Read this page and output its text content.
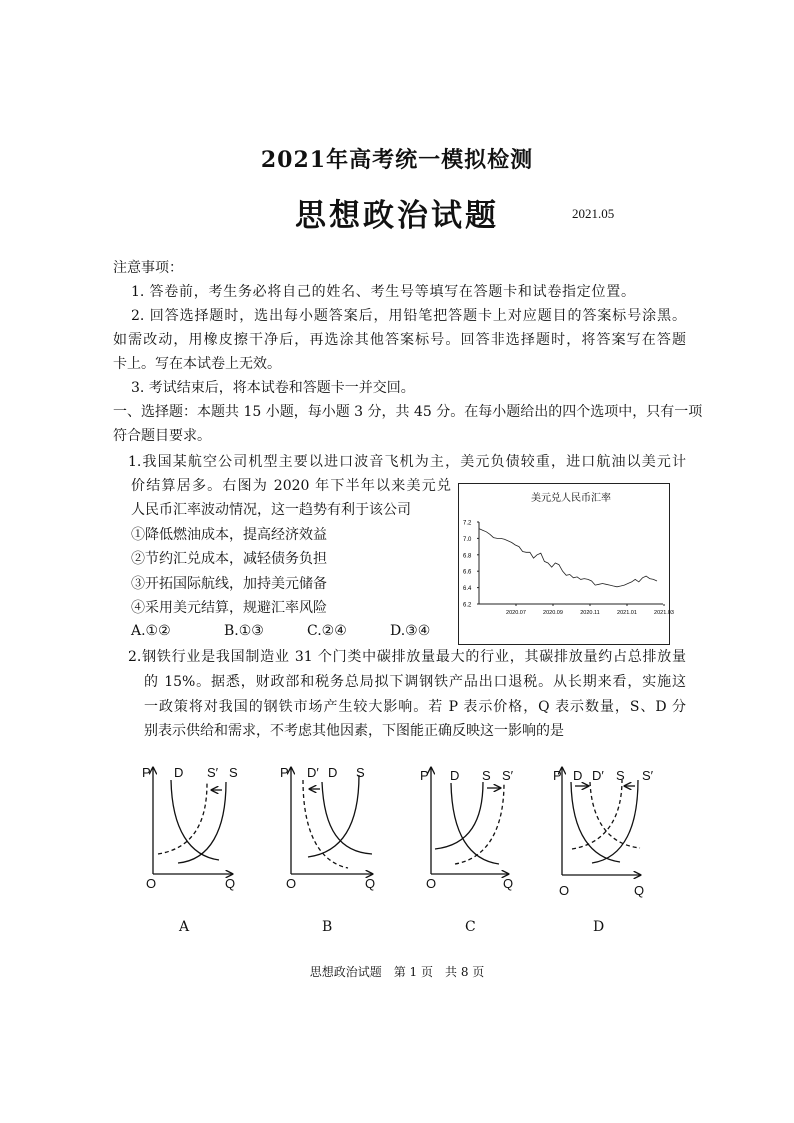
2021年高考统一模拟检测
思想政治试题	2021.05
注意事项：
1. 答卷前，考生务必将自己的姓名、考生号等填写在答题卡和试卷指定位置。
2. 回答选择题时，选出每小题答案后，用铅笔把答题卡上对应题目的答案标号涂黑。
如需改动，用橡皮擦干净后，再选涂其他答案标号。回答非选择题时，将答案写在答题
卡上。写在本试卷上无效。
3. 考试结束后，将本试卷和答题卡一并交回。
一、选择题：本题共 15 小题，每小题 3 分，共 45 分。在每小题给出的四个选项中，只有一项
符合题目要求。
1.我国某航空公司机型主要以进口波音飞机为主，美元负债较重，进口航油以美元计
价结算居多。右图为 2020 年下半年以来美元兑
人民币汇率波动情况，这一趋势有利于该公司
①降低燃油成本，提高经济效益
②节约汇兑成本，减轻债务负担
③开拓国际航线，加持美元储备
④采用美元结算，规避汇率风险
A.①②	B.①③	C.②④	D.③④
美元兑人民币汇率
6.2
6.4
6.6
6.8
7.0
7.2
2020.07	2020.09	2020.11	2021.01	2021.03
2.钢铁行业是我国制造业 31 个门类中碳排放量最大的行业，其碳排放量约占总排放量
的 15%。据悉，财政部和税务总局拟下调钢铁产品出口退税。从长期来看，实施这
一政策将对我国的钢铁市场产生较大影响。若 P 表示价格，Q 表示数量，S、D 分
别表示供给和需求，不考虑其他因素，下图能正确反映这一影响的是
P D S′ S
O	Q
P D′ D S
O	Q
P D S S′
O	Q
P D D′ S S′
O	Q
A	B	C	D
思想政治试题　第 1 页　共 8 页
